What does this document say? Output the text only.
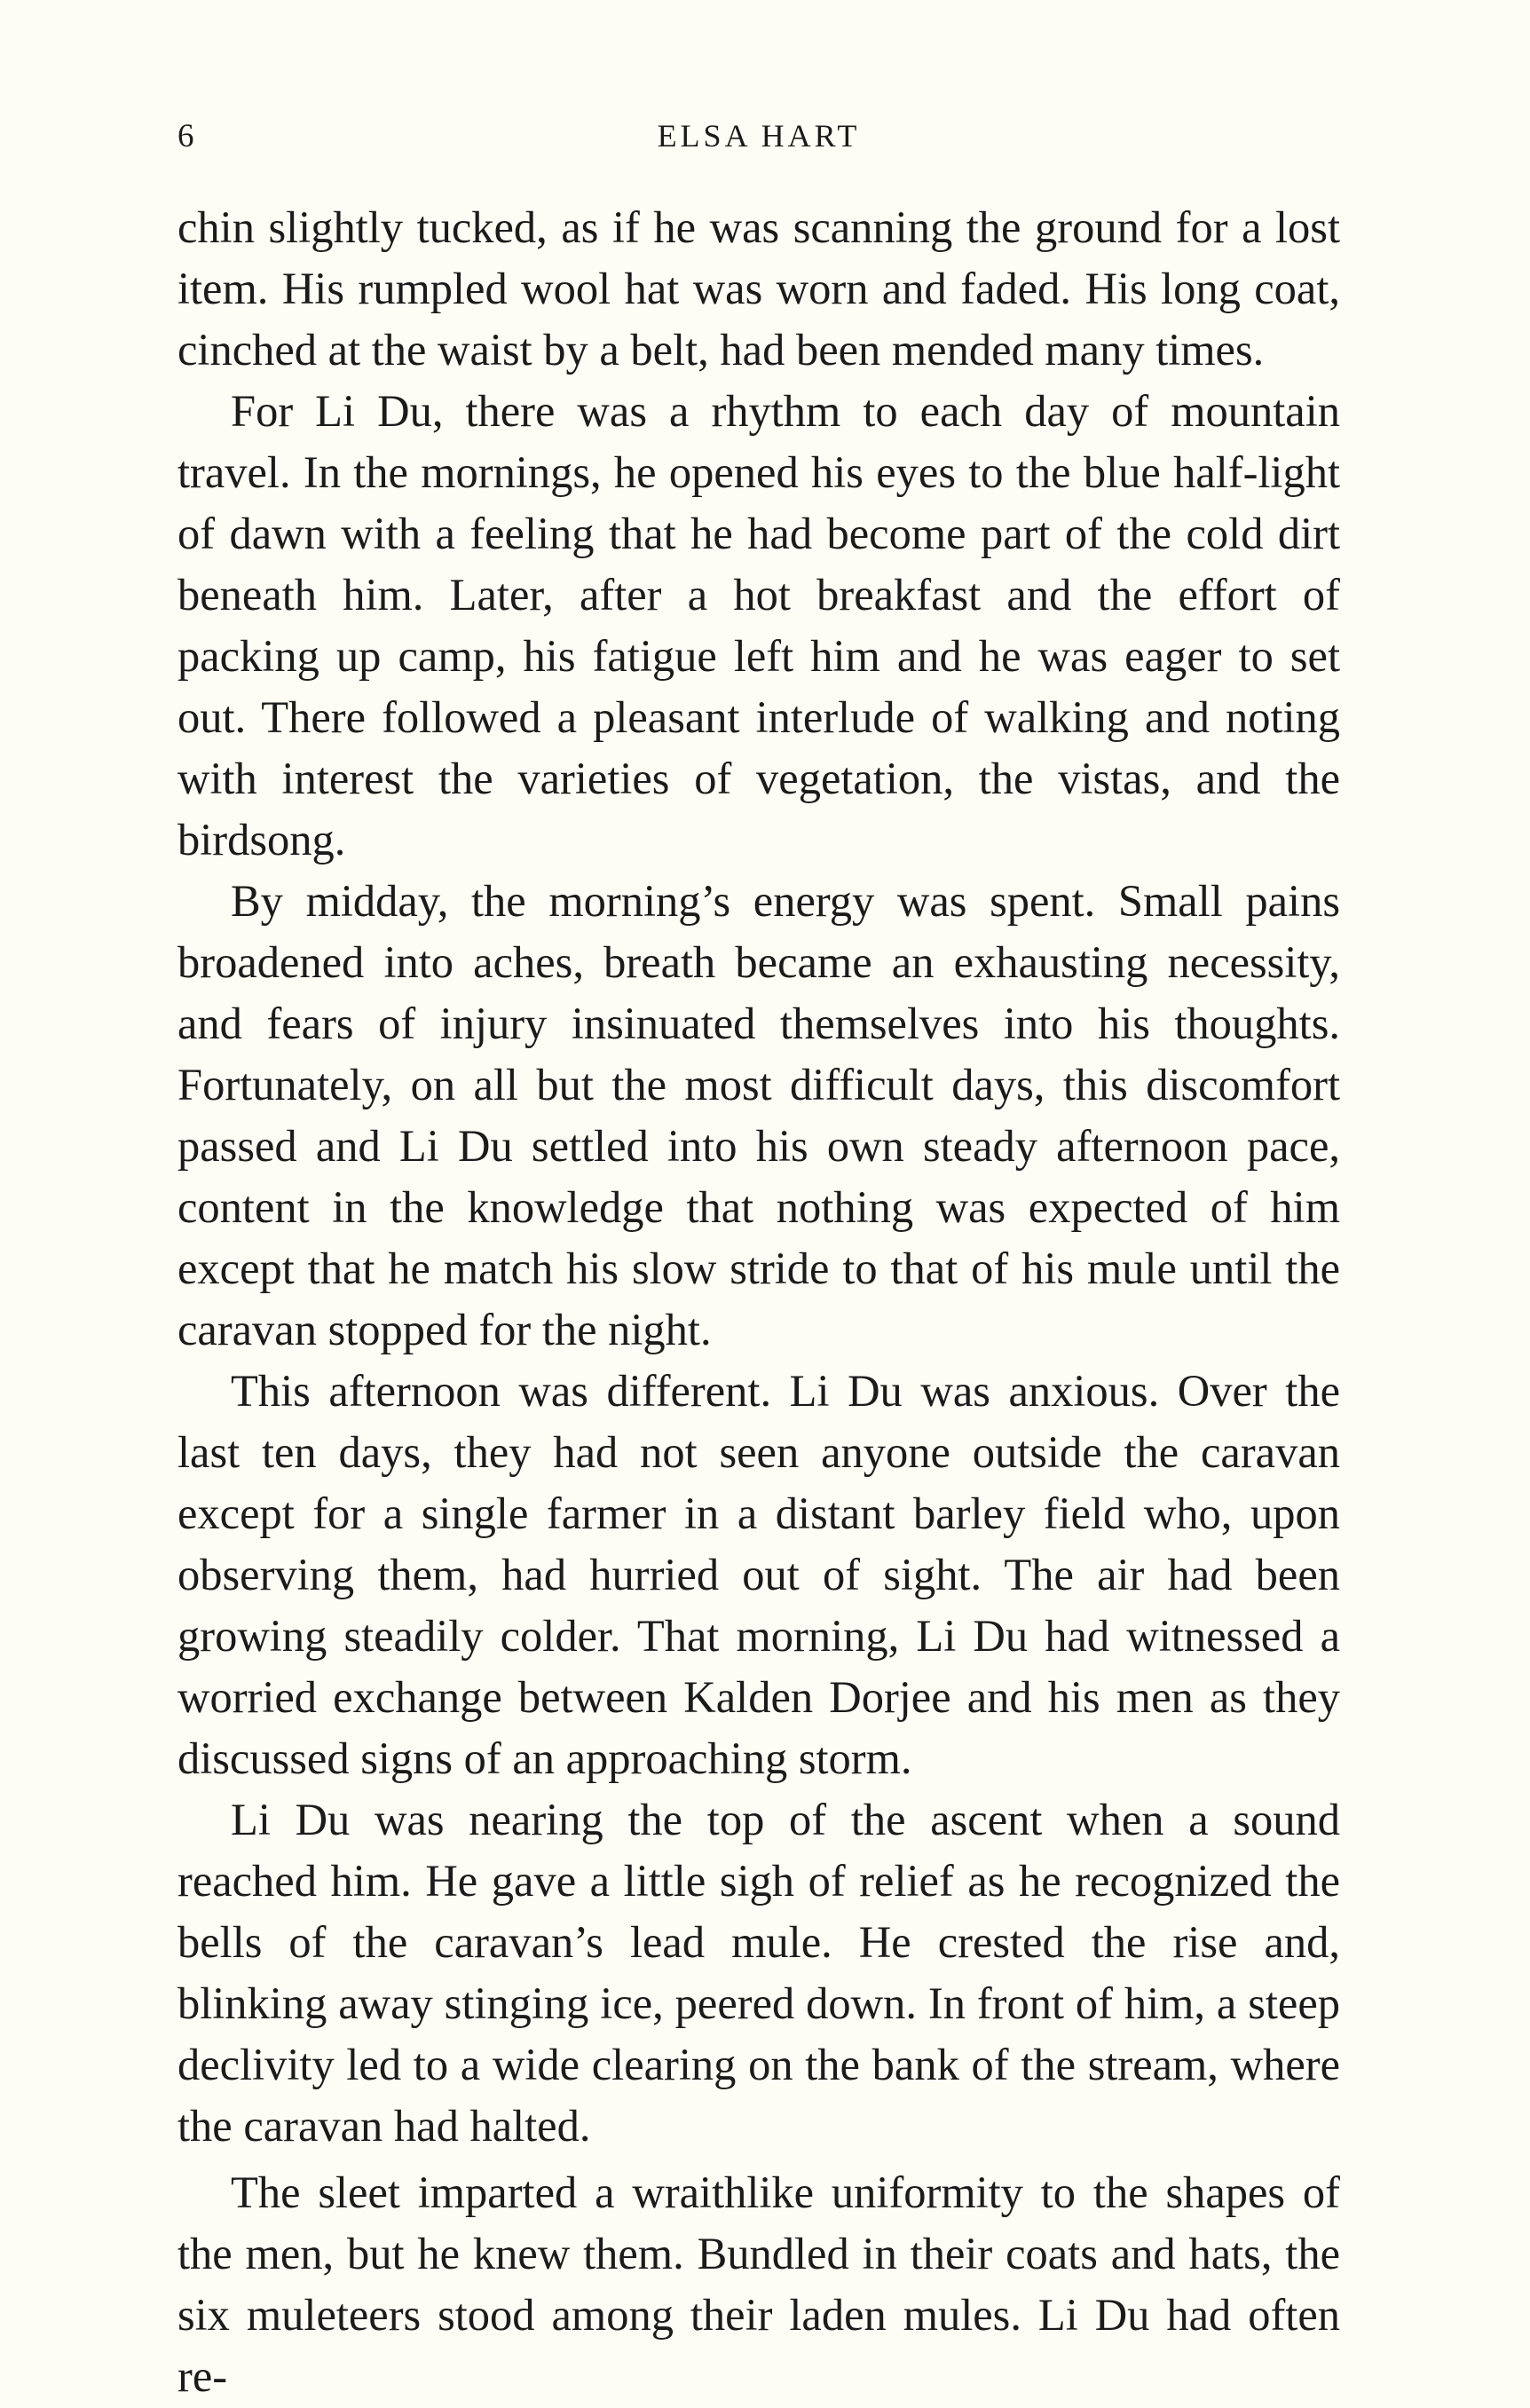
6	ELSA HART

chin slightly tucked, as if he was scanning the ground for a lost item. His rumpled wool hat was worn and faded. His long coat, cinched at the waist by a belt, had been mended many times.

For Li Du, there was a rhythm to each day of mountain travel. In the mornings, he opened his eyes to the blue half-light of dawn with a feeling that he had become part of the cold dirt beneath him. Later, after a hot breakfast and the effort of packing up camp, his fatigue left him and he was eager to set out. There followed a pleasant interlude of walking and noting with interest the varieties of vegetation, the vistas, and the birdsong.

By midday, the morning’s energy was spent. Small pains broadened into aches, breath became an exhausting necessity, and fears of injury insinuated themselves into his thoughts. Fortunately, on all but the most difficult days, this discomfort passed and Li Du settled into his own steady afternoon pace, content in the knowledge that nothing was expected of him except that he match his slow stride to that of his mule until the caravan stopped for the night.

This afternoon was different. Li Du was anxious. Over the last ten days, they had not seen anyone outside the caravan except for a single farmer in a distant barley field who, upon observing them, had hurried out of sight. The air had been growing steadily colder. That morning, Li Du had witnessed a worried exchange between Kalden Dorjee and his men as they discussed signs of an approaching storm.

Li Du was nearing the top of the ascent when a sound reached him. He gave a little sigh of relief as he recognized the bells of the caravan’s lead mule. He crested the rise and, blinking away stinging ice, peered down. In front of him, a steep declivity led to a wide clearing on the bank of the stream, where the caravan had halted.

The sleet imparted a wraithlike uniformity to the shapes of the men, but he knew them. Bundled in their coats and hats, the six muleteers stood among their laden mules. Li Du had often re-
